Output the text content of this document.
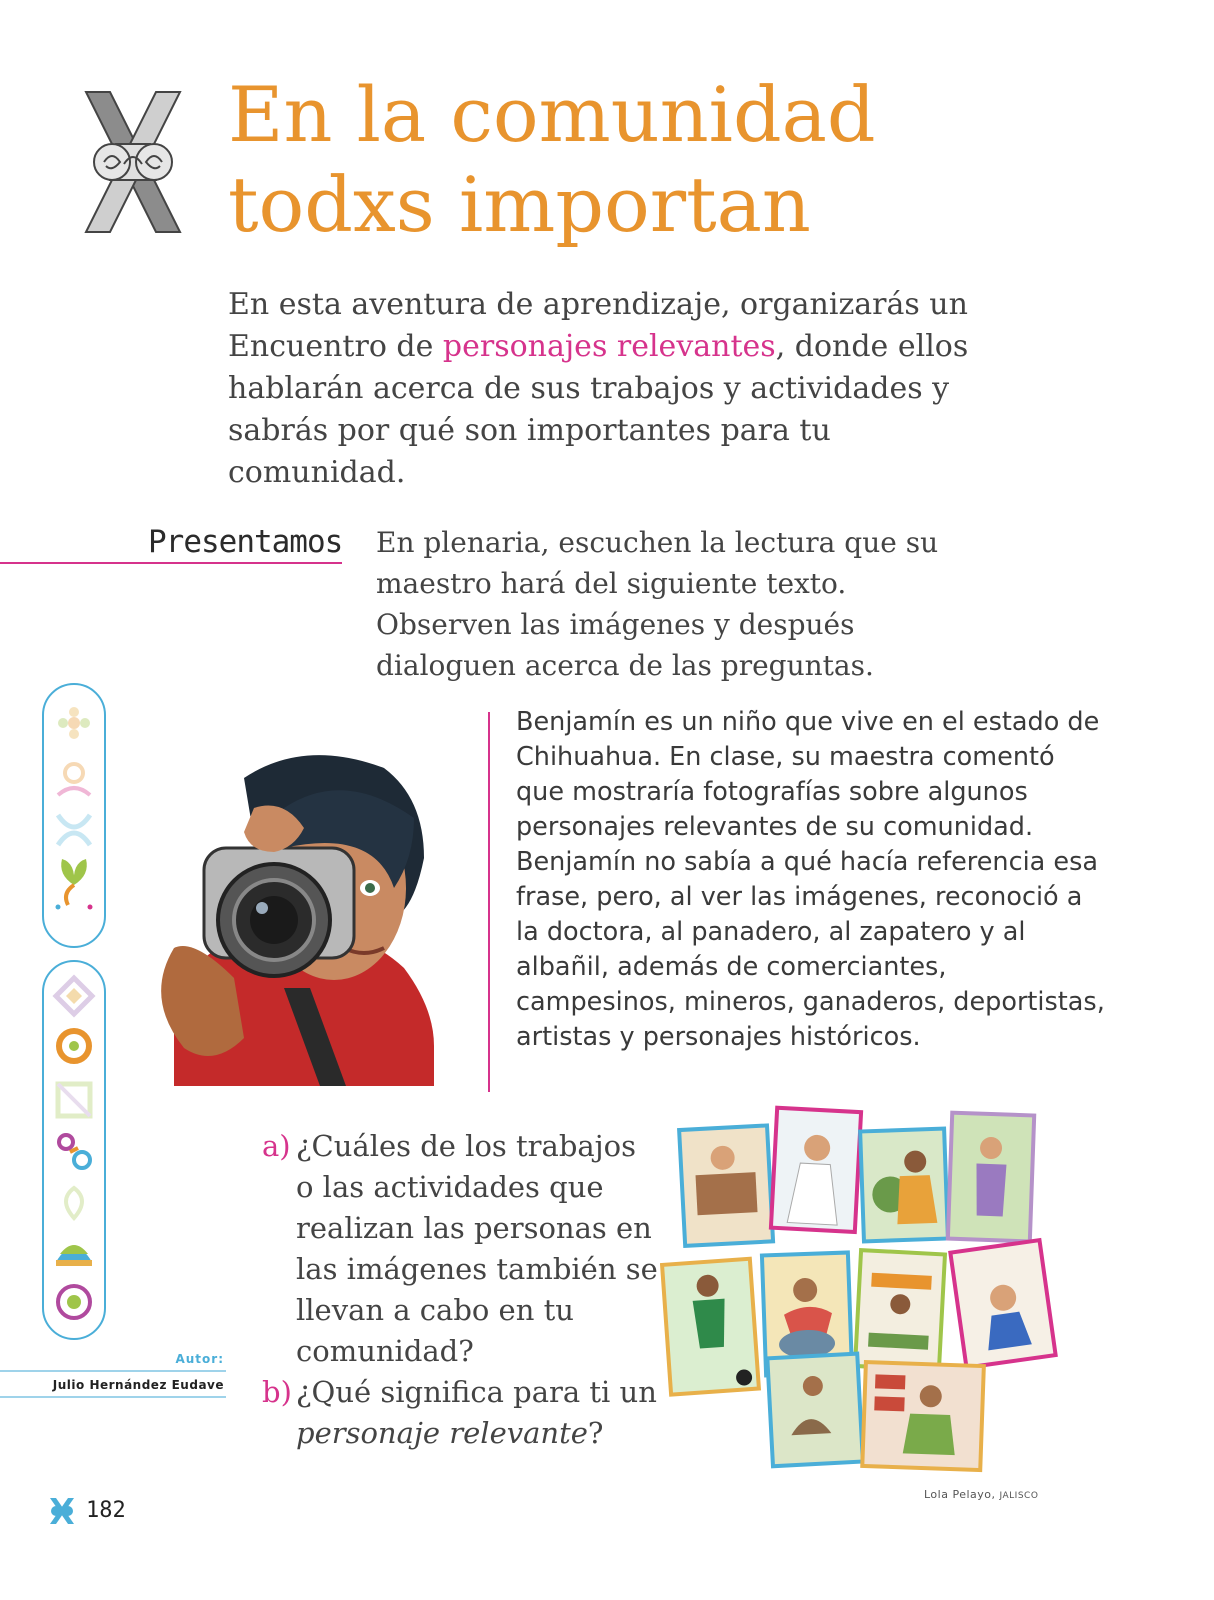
En la comunidad
todxs importan

En esta aventura de aprendizaje, organizarás un Encuentro de personajes relevantes, donde ellos hablarán acerca de sus trabajos y actividades y sabrás por qué son importantes para tu comunidad.

Presentamos En plenaria, escuchen la lectura que su maestro hará del siguiente texto. Observen las imágenes y después dialoguen acerca de las preguntas.

Benjamín es un niño que vive en el estado de Chihuahua. En clase, su maestra comentó que mostraría fotografías sobre algunos personajes relevantes de su comunidad. Benjamín no sabía a qué hacía referencia esa frase, pero, al ver las imágenes, reconoció a la doctora, al panadero, al zapatero y al albañil, además de comerciantes, campesinos, mineros, ganaderos, deportistas, artistas y personajes históricos.

a) ¿Cuáles de los trabajos o las actividades que realizan las personas en las imágenes también se llevan a cabo en tu comunidad?
b) ¿Qué significa para ti un personaje relevante?
Autor:
Julio Hernández Eudave
182
Lola Pelayo, JALISCO
